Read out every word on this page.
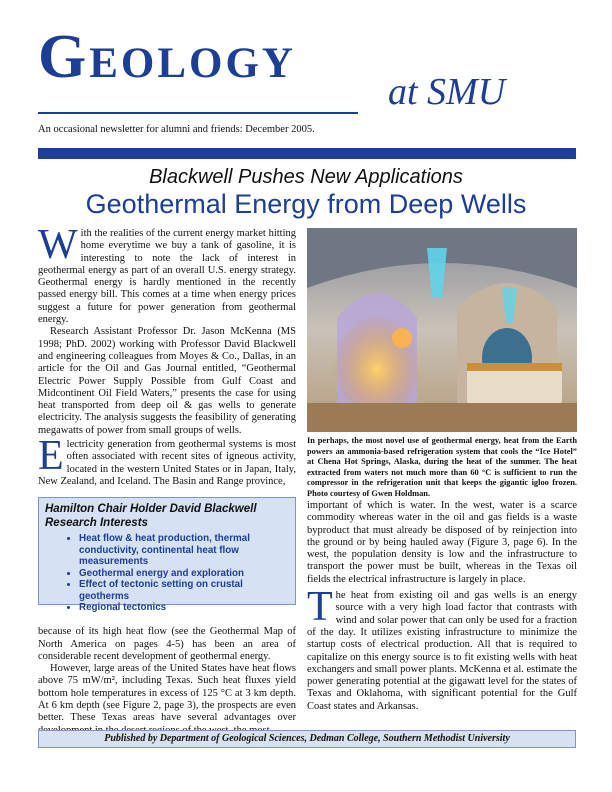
Geology
at SMU
An occasional newsletter for alumni and friends: December 2005.
Blackwell Pushes New Applications
Geothermal Energy from Deep Wells

With the realities of the current energy market hitting home everytime we buy a tank of gasoline, it is interesting to note the lack of interest in geothermal energy as part of an overall U.S. energy strategy. Geothermal energy is hardly mentioned in the recently passed energy bill. This comes at a time when energy prices suggest a future for power generation from geothermal energy.

Research Assistant Professor Dr. Jason McKenna (MS 1998; PhD. 2002) working with Professor David Blackwell and engineering colleagues from Moyes & Co., Dallas, in an article for the Oil and Gas Journal entitled, “Geothermal Electric Power Supply Possible from Gulf Coast and Midcontinent Oil Field Waters,” presents the case for using heat transported from deep oil & gas wells to generate electricity. The analysis suggests the feasibility of generating megawatts of power from small groups of wells.

Electricity generation from geothermal systems is most often associated with recent sites of igneous activity, located in the western United States or in Japan, Italy, New Zealand, and Iceland. The Basin and Range province,

because of its high heat flow (see the Geothermal Map of North America on pages 4-5) has been an area of considerable recent development of geothermal energy.

However, large areas of the United States have heat flows above 75 mW/m², including Texas. Such heat fluxes yield bottom hole temperatures in excess of 125 °C at 3 km depth. At 6 km depth (see Figure 2, page 3), the prospects are even better. These Texas areas have several advantages over

In perhaps, the most novel use of geothermal energy, heat from the Earth powers an ammonia-based refrigeration system that cools the “Ice Hotel” at Chena Hot Springs, Alaska, during the heat of the summer. The heat extracted from waters not much more than 60 °C is sufficient to run the compressor in the refrigeration unit that keeps the gigantic igloo frozen. Photo courtesy of Gwen Holdman.
Hamilton Chair Holder David Blackwell Research Interests
• Heat flow & heat production, thermal conductivity, continental heat flow measurements
• Geothermal energy and exploration
• Effect of tectonic setting on crustal geotherms
• Regional tectonics

important of which is water. In the west, water is a scarce commodity whereas water in the oil and gas fields is a waste byproduct that must already be disposed of by reinjection into the ground or by being hauled away (Figure 3, page 6). In the west, the population density is low and the infrastructure to transport the power must be built, whereas in the Texas oil fields the electrical infrastructure is largely in place.

The heat from existing oil and gas wells is an energy source with a very high load factor that contrasts with wind and solar power that can only be used for a fraction of the day. It utilizes existing infrastructure to minimize the startup costs of electrical production. All that is required to capitalize on this energy source is to fit existing wells with heat exchangers and small power plants. McKenna et al. estimate the power generating potential at the gigawatt level for the states of Texas and Oklahoma, with significant potential for the Gulf Coast states and Arkansas.

Published by Department of Geological Sciences, Dedman College, Southern Methodist University
